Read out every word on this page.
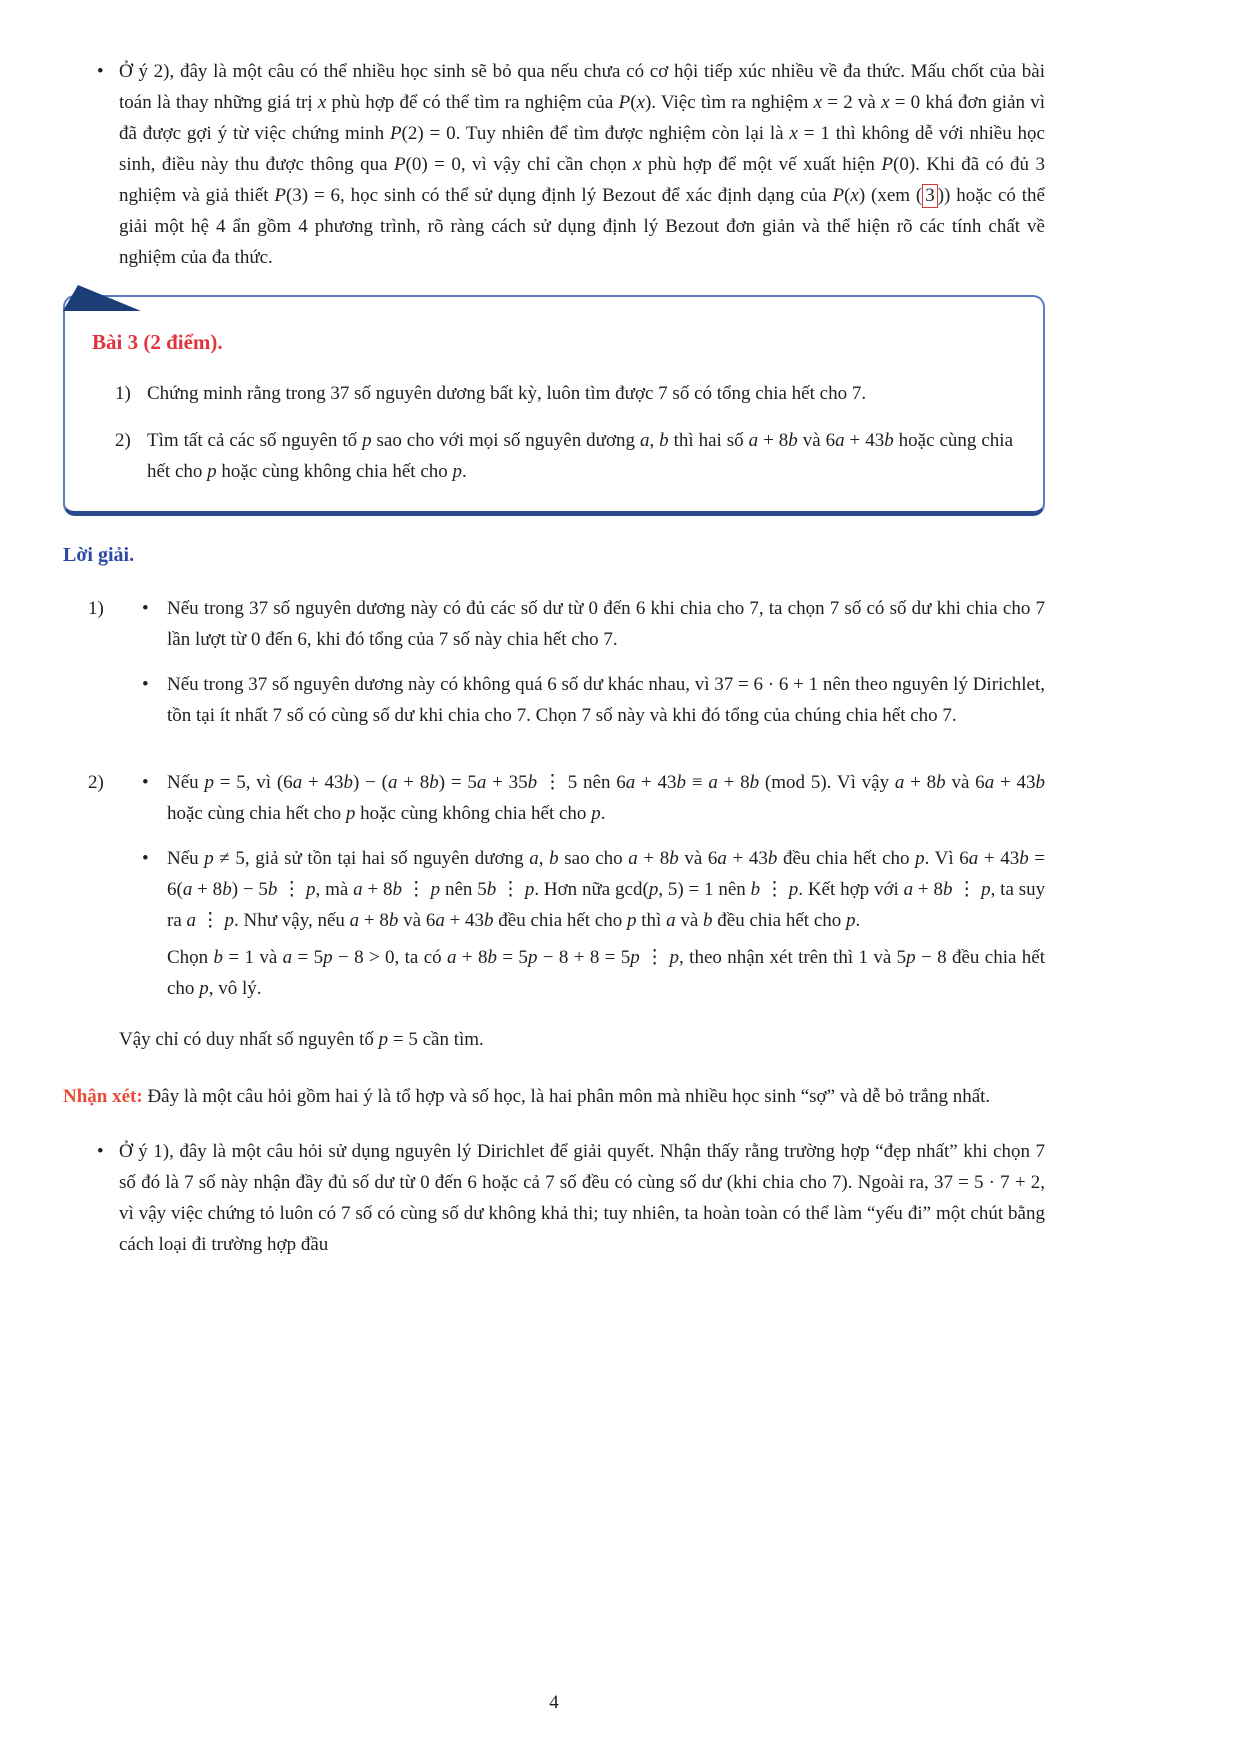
• Ở ý 2), đây là một câu có thể nhiều học sinh sẽ bỏ qua nếu chưa có cơ hội tiếp xúc nhiều về đa thức. Mấu chốt của bài toán là thay những giá trị x phù hợp để có thể tìm ra nghiệm của P(x). Việc tìm ra nghiệm x = 2 và x = 0 khá đơn giản vì đã được gợi ý từ việc chứng minh P(2) = 0. Tuy nhiên để tìm được nghiệm còn lại là x = 1 thì không dễ với nhiều học sinh, điều này thu được thông qua P(0) = 0, vì vậy chỉ cần chọn x phù hợp để một vế xuất hiện P(0). Khi đã có đủ 3 nghiệm và giả thiết P(3) = 6, học sinh có thể sử dụng định lý Bezout để xác định dạng của P(x) (xem ( 3 )) hoặc có thể giải một hệ 4 ẩn gồm 4 phương trình, rõ ràng cách sử dụng định lý Bezout đơn giản và thể hiện rõ các tính chất về nghiệm của đa thức.
Bài 3 (2 điểm).
1) Chứng minh rằng trong 37 số nguyên dương bất kỳ, luôn tìm được 7 số có tổng chia hết cho 7.
2) Tìm tất cả các số nguyên tố p sao cho với mọi số nguyên dương a, b thì hai số a + 8b và 6a + 43b hoặc cùng chia hết cho p hoặc cùng không chia hết cho p.
Lời giải.
1)	• Nếu trong 37 số nguyên dương này có đủ các số dư từ 0 đến 6 khi chia cho 7, ta chọn 7 số có số dư khi chia cho 7 lần lượt từ 0 đến 6, khi đó tổng của 7 số này chia hết cho 7.
• Nếu trong 37 số nguyên dương này có không quá 6 số dư khác nhau, vì 37 = 6 · 6 + 1 nên theo nguyên lý Dirichlet, tồn tại ít nhất 7 số có cùng số dư khi chia cho 7. Chọn 7 số này và khi đó tổng của chúng chia hết cho 7.
2)	• Nếu p = 5, vì (6a + 43b) − (a + 8b) = 5a + 35b ⋮ 5 nên 6a + 43b ≡ a + 8b (mod 5). Vì vậy a + 8b và 6a + 43b hoặc cùng chia hết cho p hoặc cùng không chia hết cho p.
• Nếu p ≠ 5, giả sử tồn tại hai số nguyên dương a, b sao cho a + 8b và 6a + 43b đều chia hết cho p. Vì 6a + 43b = 6(a + 8b) − 5b ⋮ p, mà a + 8b ⋮ p nên 5b ⋮ p. Hơn nữa gcd(p, 5) = 1 nên b ⋮ p. Kết hợp với a + 8b ⋮ p, ta suy ra a ⋮ p. Như vậy, nếu a + 8b và 6a + 43b đều chia hết cho p thì a và b đều chia hết cho p.
Chọn b = 1 và a = 5p − 8 > 0, ta có a + 8b = 5p − 8 + 8 = 5p ⋮ p, theo nhận xét trên thì 1 và 5p − 8 đều chia hết cho p, vô lý.
Vậy chỉ có duy nhất số nguyên tố p = 5 cần tìm.
Nhận xét: Đây là một câu hỏi gồm hai ý là tổ hợp và số học, là hai phân môn mà nhiều học sinh “sợ” và dễ bỏ trắng nhất.
• Ở ý 1), đây là một câu hỏi sử dụng nguyên lý Dirichlet để giải quyết. Nhận thấy rằng trường hợp “đẹp nhất” khi chọn 7 số đó là 7 số này nhận đầy đủ số dư từ 0 đến 6 hoặc cả 7 số đều có cùng số dư (khi chia cho 7). Ngoài ra, 37 = 5 · 7 + 2, vì vậy việc chứng tỏ luôn có 7 số có cùng số dư không khả thi; tuy nhiên, ta hoàn toàn có thể làm “yếu đi” một chút bằng cách loại đi trường hợp đầu
4
